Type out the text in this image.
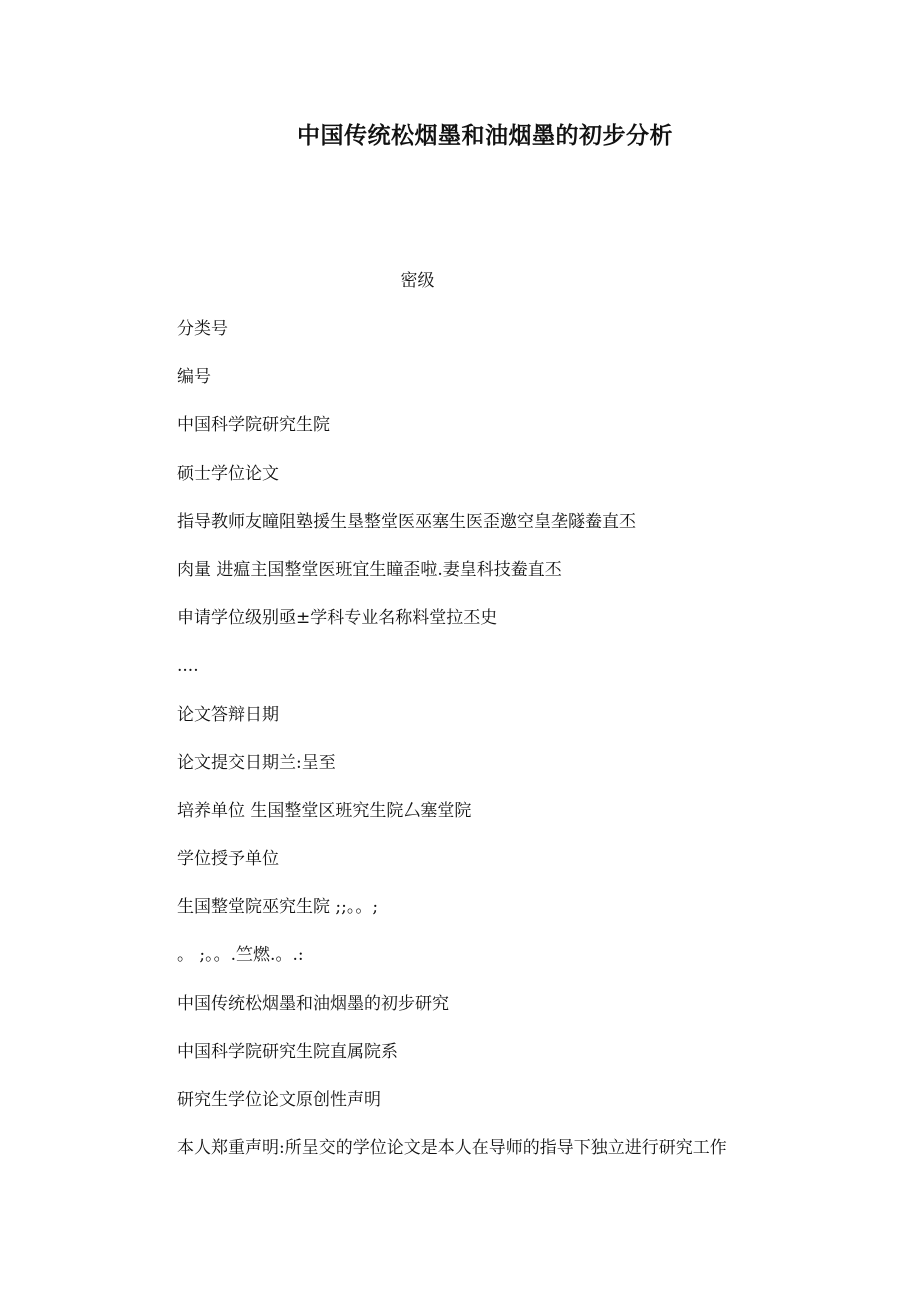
中国传统松烟墨和油烟墨的初步分析
密级
分类号
编号
中国科学院研究生院
硕士学位论文
指导教师友瞳阻塾援生垦整堂医巫塞生医歪邀空皇垄隧鲞直丕
肉量 进瘟主国整堂医班宜生瞳歪啦.妻皇科技鲞直丕
申请学位级别亟±学科专业名称料堂拉丕史
....
论文答辩日期
论文提交日期兰:呈至
培养单位 生国整堂区班究生院厶塞堂院
学位授予单位
生国整堂院巫究生院 ;;。。;
。 ;。。.竺燃.。.:
中国传统松烟墨和油烟墨的初步研究
中国科学院研究生院直属院系
研究生学位论文原创性声明
本人郑重声明:所呈交的学位论文是本人在导师的指导下独立进行研究工作
